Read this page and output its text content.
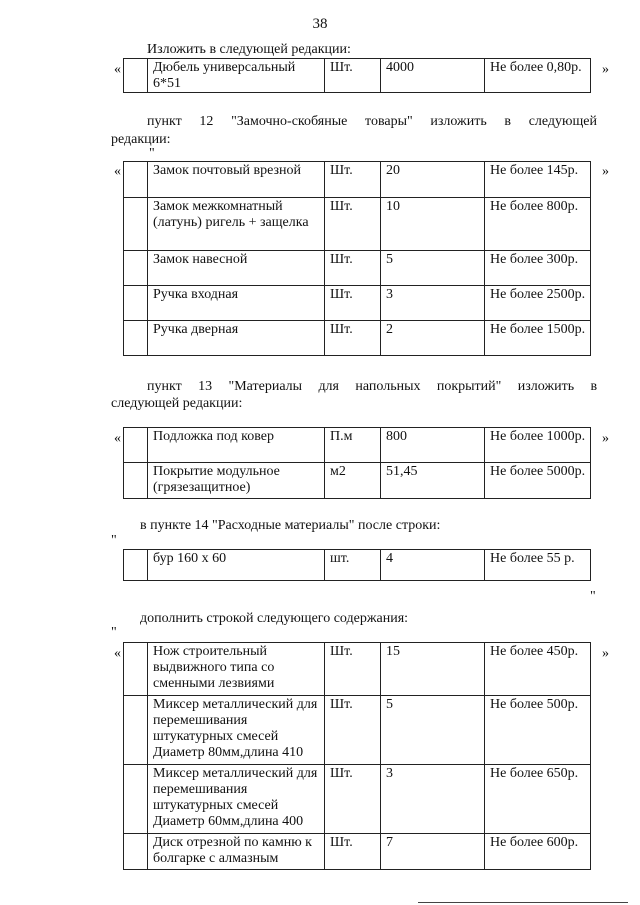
38
Изложить в следующей редакции:
«
	Дюбель универсальный 6*51	Шт.	4000	Не более 0,80р. »
пункт 12 "Замочно-скобяные товары" изложить в следующей
редакции:
"
«
	Замок почтовый врезной	Шт.	20	Не более 145р.
	Замок межкомнатный (латунь) ригель + защелка	Шт.	10	Не более 800р.
	Замок навесной	Шт.	5	Не более 300р.
	Ручка входная	Шт.	3	Не более 2500р.
	Ручка дверная	Шт.	2	Не более 1500р.
»
пункт 13 "Материалы для напольных покрытий" изложить в
следующей редакции:
«
	Подложка под ковер	П.м	800	Не более 1000р.
	Покрытие модульное (грязезащитное)	м2	51,45	Не более 5000р.
»
в пункте 14 "Расходные материалы" после строки:
"
	бур 160 х 60	шт.	4	Не более 55 р.
"
дополнить строкой следующего содержания:
"
«
	Нож строительный выдвижного типа со сменными лезвиями	Шт.	15	Не более 450р.
	Миксер металлический для перемешивания штукатурных смесей Диаметр 80мм,длина 410	Шт.	5	Не более 500р.
	Миксер металлический для перемешивания штукатурных смесей Диаметр 60мм,длина 400	Шт.	3	Не более 650р.
	Диск отрезной по камню к болгарке с алмазным	Шт.	7	Не более 600р.
»
